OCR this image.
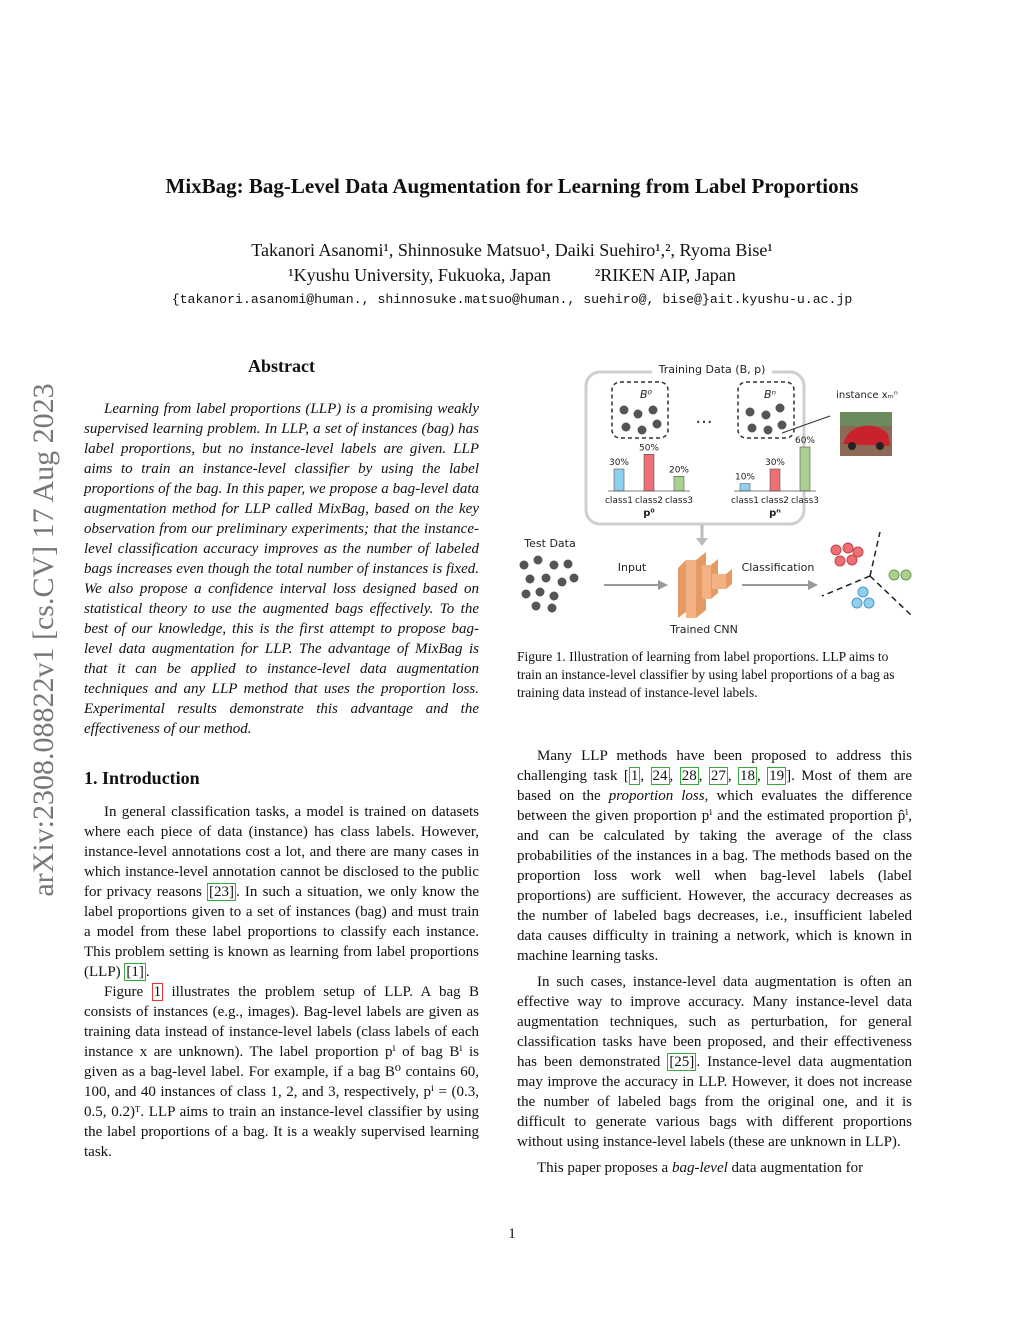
MixBag: Bag-Level Data Augmentation for Learning from Label Proportions
Takanori Asanomi¹, Shinnosuke Matsuo¹, Daiki Suehiro¹,², Ryoma Bise¹
¹Kyushu University, Fukuoka, Japan ²RIKEN AIP, Japan
{takanori.asanomi@human., shinnosuke.matsuo@human., suehiro@, bise@}ait.kyushu-u.ac.jp
arXiv:2308.08822v1 [cs.CV] 17 Aug 2023
Abstract

Learning from label proportions (LLP) is a promising weakly supervised learning problem. In LLP, a set of instances (bag) has label proportions, but no instance-level labels are given. LLP aims to train an instance-level classifier by using the label proportions of the bag. In this paper, we propose a bag-level data augmentation method for LLP called MixBag, based on the key observation from our preliminary experiments; that the instance-level classification accuracy improves as the number of labeled bags increases even though the total number of instances is fixed. We also propose a confidence interval loss designed based on statistical theory to use the augmented bags effectively. To the best of our knowledge, this is the first attempt to propose bag-level data augmentation for LLP. The advantage of MixBag is that it can be applied to instance-level data augmentation techniques and any LLP method that uses the proportion loss. Experimental results demonstrate this advantage and the effectiveness of our method.

1. Introduction

In general classification tasks, a model is trained on datasets where each piece of data (instance) has class labels. However, instance-level annotations cost a lot, and there are many cases in which instance-level annotation cannot be disclosed to the public for privacy reasons [23] . In such a situation, we only know the label proportions given to a set of instances (bag) and must train a model from these label proportions to classify each instance. This problem setting is known as learning from label proportions (LLP) [1] .

Figure 1 illustrates the problem setup of LLP. A bag B consists of instances (e.g., images). Bag-level labels are given as training data instead of instance-level labels (class labels of each instance x are unknown). The label proportion pⁱ of bag Bⁱ is given as a bag-level label. For example, if a bag B⁰ contains 60, 100, and 40 instances of class 1, 2, and 3, respectively, pⁱ = (0.3, 0.5, 0.2)ᵀ. LLP aims to train an instance-level classifier by using the label proportions of a bag. It is a weakly supervised learning task.

Training Data (B, p)
B⁰
···
Bⁿ	instance xₘⁿ
30%
class1
50%
class2
20%
class3
p⁰
10%
class1
30%
class2
60%
class3
pⁿ
Test Data
Input
Trained CNN
Classification

Figure 1. Illustration of learning from label proportions. LLP aims to train an instance-level classifier by using label proportions of a bag as training data instead of instance-level labels.

Many LLP methods have been proposed to address this challenging task [ 1 , 24 , 28 , 27 , 18 , 19 ]. Most of them are based on the proportion loss, which evaluates the difference between the given proportion pⁱ and the estimated proportion p̂ⁱ, and can be calculated by taking the average of the class probabilities of the instances in a bag. The methods based on the proportion loss work well when bag-level labels (label proportions) are sufficient. However, the accuracy decreases as the number of labeled bags decreases, i.e., insufficient labeled data causes difficulty in training a network, which is known in machine learning tasks.

In such cases, instance-level data augmentation is often an effective way to improve accuracy. Many instance-level data augmentation techniques, such as perturbation, for general classification tasks have been proposed, and their effectiveness has been demonstrated [25] . Instance-level data augmentation may improve the accuracy in LLP. However, it does not increase the number of labeled bags from the original one, and it is difficult to generate various bags with different proportions without using instance-level labels (these are unknown in LLP).

This paper proposes a bag-level data augmentation for

1
